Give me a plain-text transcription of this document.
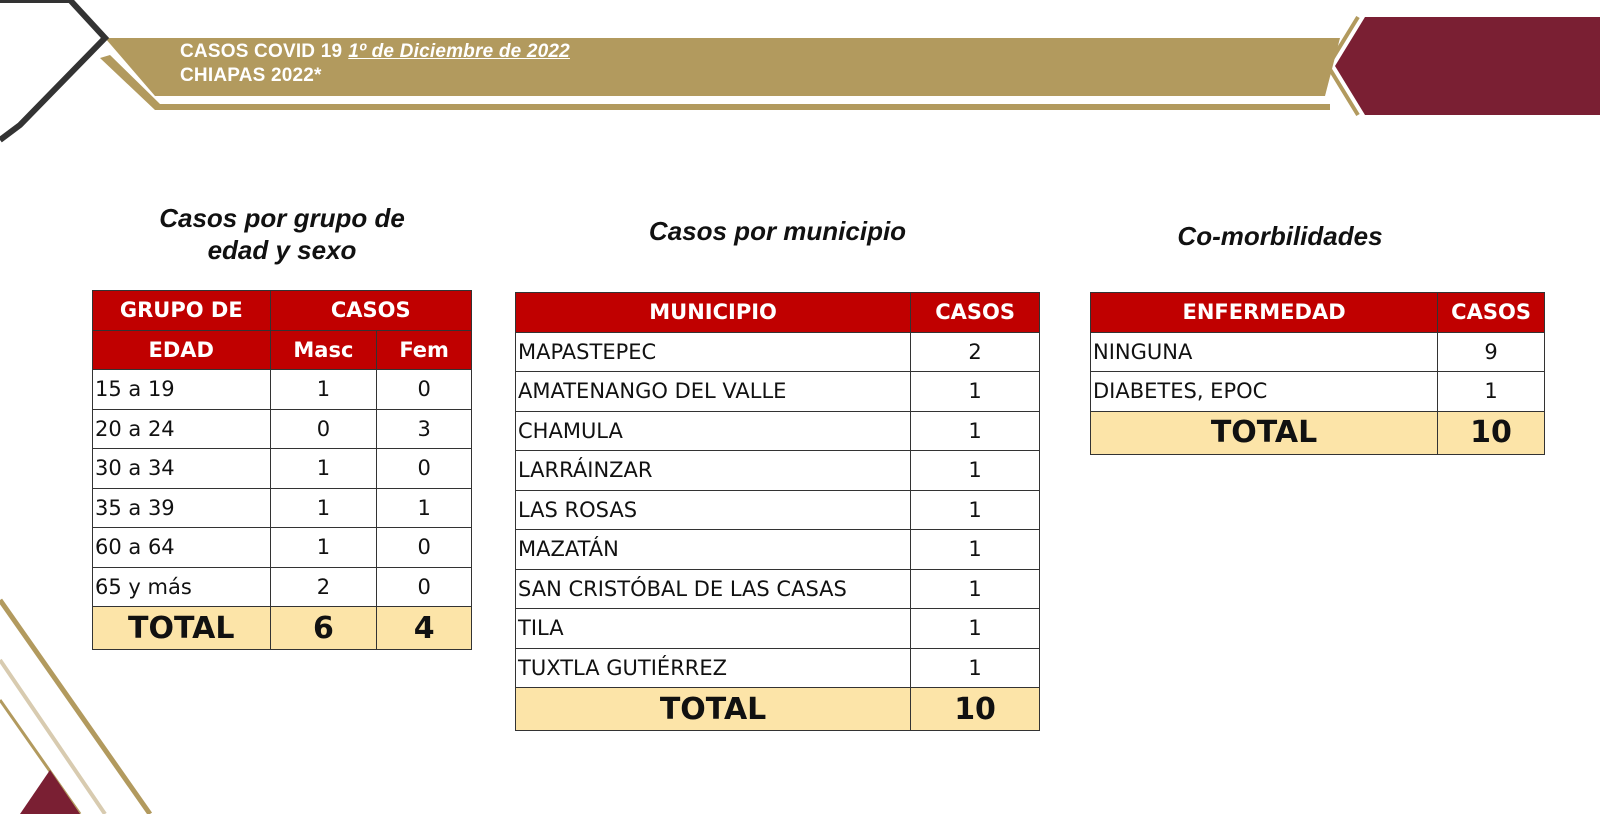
CASOS COVID 19 1º de Diciembre de 2022
CHIAPAS 2022*
Casos por grupo de
edad y sexo
Casos por municipio	Co-morbilidades
GRUPO DE	CASOS	
EDAD	Masc	Fem
15 a 19	1	0
20 a 24	0	3
30 a 34	1	0
35 a 39	1	1
60 a 64	1	0
65 y más	2	0
TOTAL	6	4
MUNICIPIO	CASOS
MAPASTEPEC	2
AMATENANGO DEL VALLE	1
CHAMULA	1
LARRÁINZAR	1
LAS ROSAS	1
MAZATÁN	1
SAN CRISTÓBAL DE LAS CASAS	1
TILA	1
TUXTLA GUTIÉRREZ	1
TOTAL	10
ENFERMEDAD	CASOS
NINGUNA	9
DIABETES, EPOC	1
TOTAL	10
